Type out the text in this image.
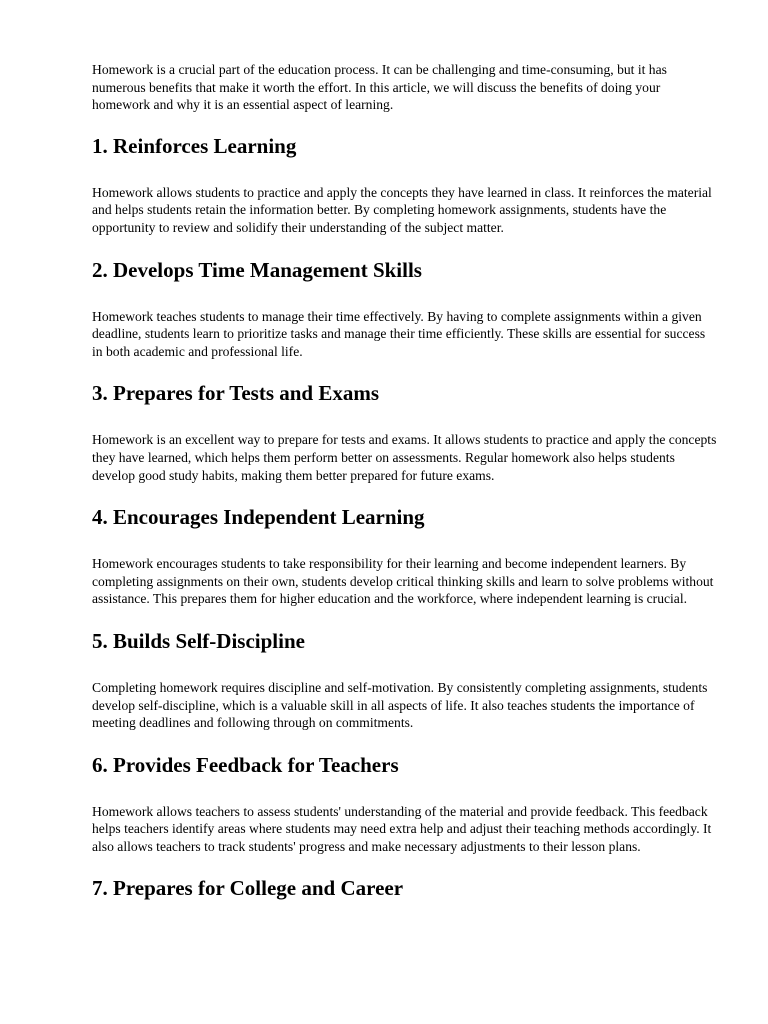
Homework is a crucial part of the education process. It can be challenging and time-consuming, but it has numerous benefits that make it worth the effort. In this article, we will discuss the benefits of doing your homework and why it is an essential aspect of learning.

1. Reinforces Learning

Homework allows students to practice and apply the concepts they have learned in class. It reinforces the material and helps students retain the information better. By completing homework assignments, students have the opportunity to review and solidify their understanding of the subject matter.

2. Develops Time Management Skills

Homework teaches students to manage their time effectively. By having to complete assignments within a given deadline, students learn to prioritize tasks and manage their time efficiently. These skills are essential for success in both academic and professional life.

3. Prepares for Tests and Exams

Homework is an excellent way to prepare for tests and exams. It allows students to practice and apply the concepts they have learned, which helps them perform better on assessments. Regular homework also helps students develop good study habits, making them better prepared for future exams.

4. Encourages Independent Learning

Homework encourages students to take responsibility for their learning and become independent learners. By completing assignments on their own, students develop critical thinking skills and learn to solve problems without assistance. This prepares them for higher education and the workforce, where independent learning is crucial.

5. Builds Self-Discipline

Completing homework requires discipline and self-motivation. By consistently completing assignments, students develop self-discipline, which is a valuable skill in all aspects of life. It also teaches students the importance of meeting deadlines and following through on commitments.

6. Provides Feedback for Teachers

Homework allows teachers to assess students' understanding of the material and provide feedback. This feedback helps teachers identify areas where students may need extra help and adjust their teaching methods accordingly. It also allows teachers to track students' progress and make necessary adjustments to their lesson plans.

7. Prepares for College and Career
